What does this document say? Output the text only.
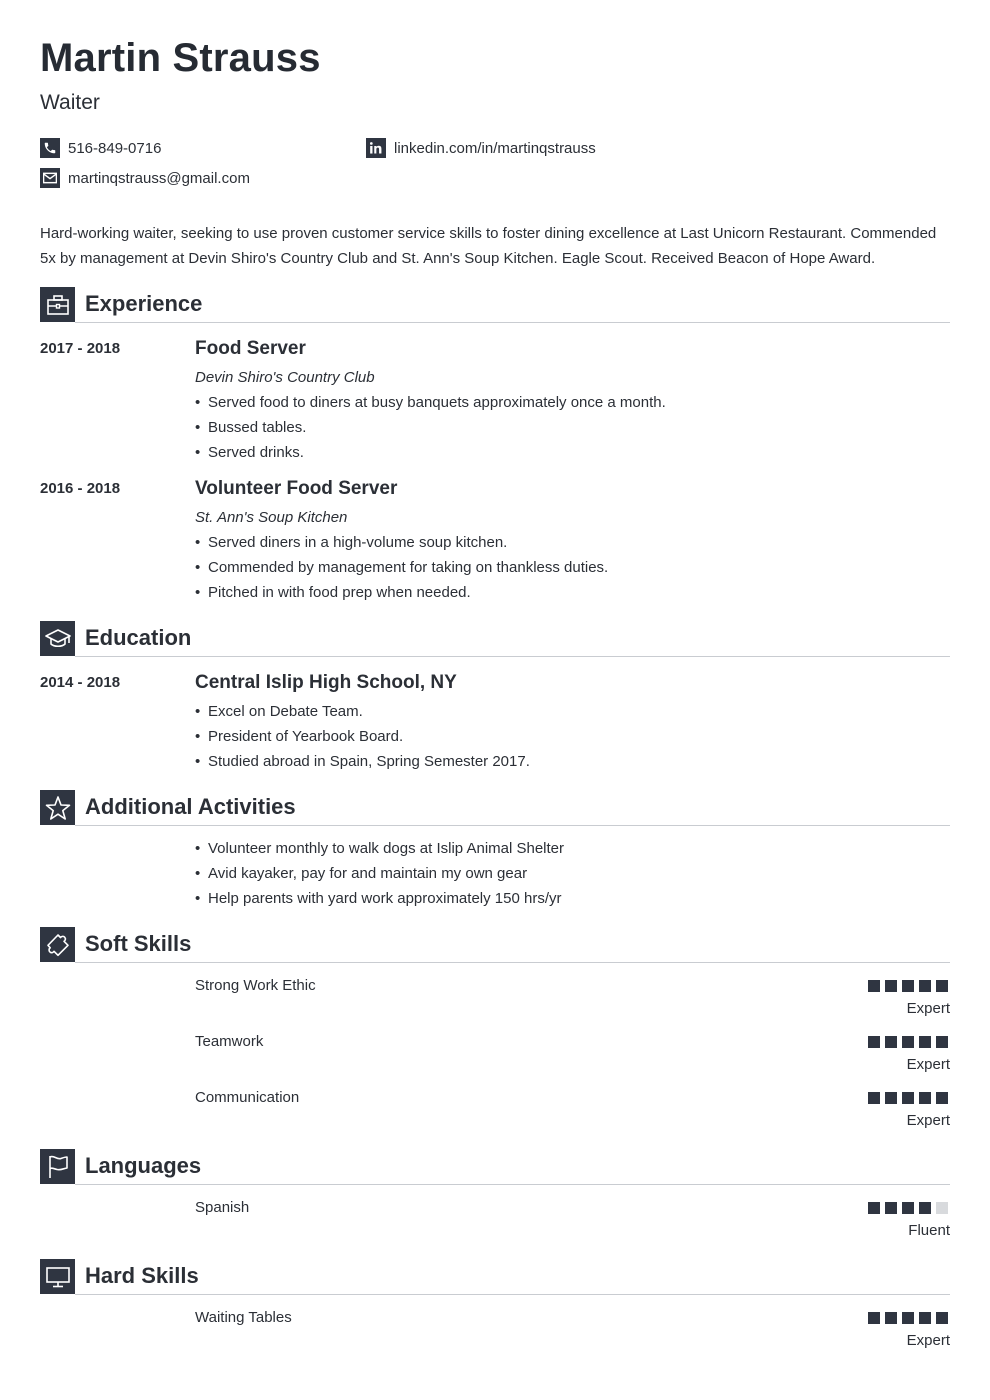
Martin Strauss
Waiter
516-849-0716	linkedin.com/in/martinqstrauss
martinqstrauss@gmail.com
Hard-working waiter, seeking to use proven customer service skills to foster dining excellence at Last Unicorn Restaurant. Commended 5x by management at Devin Shiro's Country Club and St. Ann's Soup Kitchen. Eagle Scout. Received Beacon of Hope Award.
Experience
2017 - 2018	Food Server
Devin Shiro's Country Club
• Served food to diners at busy banquets approximately once a month.
• Bussed tables.
• Served drinks.
2016 - 2018	Volunteer Food Server
St. Ann's Soup Kitchen
• Served diners in a high-volume soup kitchen.
• Commended by management for taking on thankless duties.
• Pitched in with food prep when needed.
Education
2014 - 2018	Central Islip High School, NY
• Excel on Debate Team.
• President of Yearbook Board.
• Studied abroad in Spain, Spring Semester 2017.
Additional Activities
• Volunteer monthly to walk dogs at Islip Animal Shelter
• Avid kayaker, pay for and maintain my own gear
• Help parents with yard work approximately 150 hrs/yr
Soft Skills
Strong Work Ethic
Expert
Teamwork
Expert
Communication
Expert
Languages
Spanish
Fluent
Hard Skills
Waiting Tables
Expert
